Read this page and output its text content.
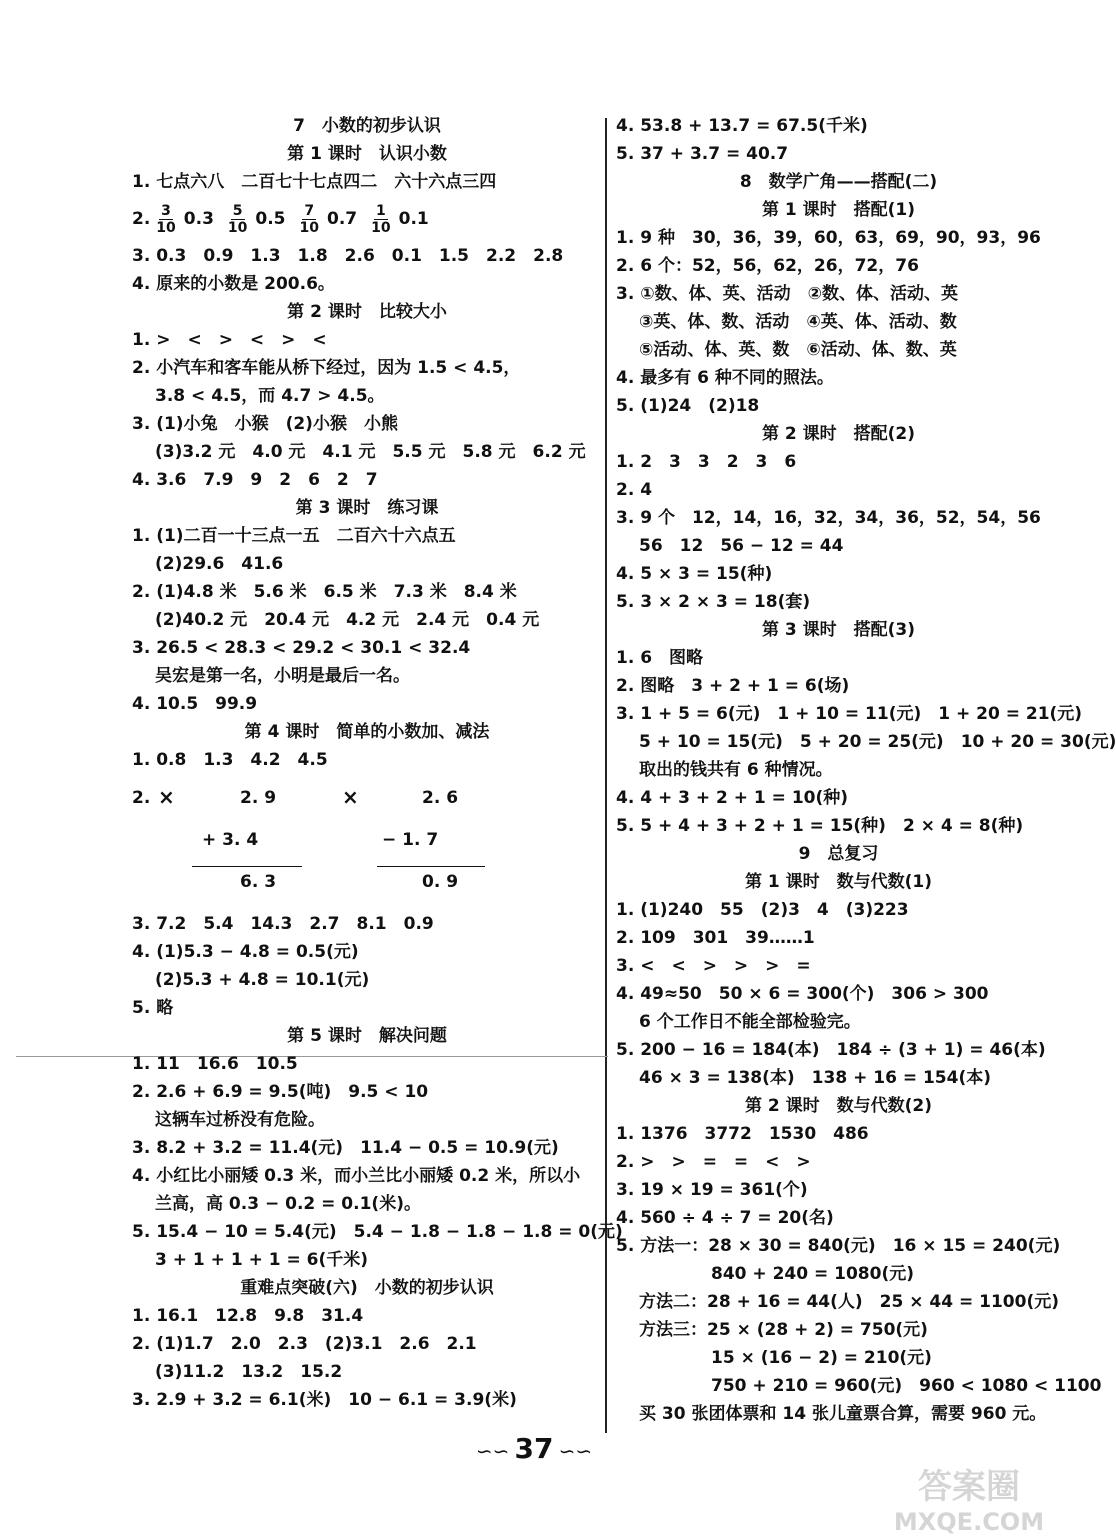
7　小数的初步认识
第 1 课时　认识小数
1. 七点六八　二百七十七点四二　六十六点三四
2. $\frac{3}{10} 0.3 \frac{5}{10} 0.5 \frac{7}{10} 0.7 \frac{1}{10} 0.1$
3. 0.3　0.9　1.3　1.8　2.6　0.1　1.5　2.2　2.8
4. 原来的小数是 200.6。
第 2 课时　比较大小
1. >　<　>　<　>　<
2. 小汽车和客车能从桥下经过，因为 1.5 < 4.5，
3.8 < 4.5，而 4.7 > 4.5。
3. (1)小兔　小猴　(2)小猴　小熊
(3)3.2 元　4.0 元　4.1 元　5.5 元　5.8 元　6.2 元
4. 3.6　7.9　9　2　6　2　7
第 3 课时　练习课
1. (1)二百一十三点一五　二百六十六点五
(2)29.6　41.6
2. (1)4.8 米　5.6 米　6.5 米　7.3 米　8.4 米
(2)40.2 元　20.4 元　4.2 元　2.4 元　0.4 元
3. 26.5 < 28.3 < 29.2 < 30.1 < 32.4
吴宏是第一名，小明是最后一名。
4. 10.5　99.9
第 4 课时　简单的小数加、减法
1. 0.8　1.3　4.2　4.5
2. ×	2. 9
+ 3. 4
6. 3
×	2. 6
− 1. 7
0. 9
3. 7.2　5.4　14.3　2.7　8.1　0.9
4. (1)5.3 − 4.8 = 0.5(元)
(2)5.3 + 4.8 = 10.1(元)
5. 略
第 5 课时　解决问题
1. 11　16.6　10.5
2. 2.6 + 6.9 = 9.5(吨)　9.5 < 10
这辆车过桥没有危险。
3. 8.2 + 3.2 = 11.4(元)　11.4 − 0.5 = 10.9(元)
4. 小红比小丽矮 0.3 米，而小兰比小丽矮 0.2 米，所以小
兰高，高 0.3 − 0.2 = 0.1(米)。
5. 15.4 − 10 = 5.4(元)　5.4 − 1.8 − 1.8 − 1.8 = 0(元)
3 + 1 + 1 + 1 = 6(千米)
重难点突破(六)　小数的初步认识
1. 16.1　12.8　9.8　31.4
2. (1)1.7　2.0　2.3　(2)3.1　2.6　2.1
(3)11.2　13.2　15.2
3. 2.9 + 3.2 = 6.1(米)　10 − 6.1 = 3.9(米)
4. 53.8 + 13.7 = 67.5(千米)
5. 37 + 3.7 = 40.7
8　数学广角——搭配(二)
第 1 课时　搭配(1)
1. 9 种　30，36，39，60，63，69，90，93，96
2. 6 个：52，56，62，26，72，76
3. ①数、体、英、活动　②数、体、活动、英
③英、体、数、活动　④英、体、活动、数
⑤活动、体、英、数　⑥活动、体、数、英
4. 最多有 6 种不同的照法。
5. (1)24　(2)18
第 2 课时　搭配(2)
1. 2　3　3　2　3　6
2. 4
3. 9 个　12，14，16，32，34，36，52，54，56
56　12　56 − 12 = 44
4. 5 × 3 = 15(种)
5. 3 × 2 × 3 = 18(套)
第 3 课时　搭配(3)
1. 6　图略
2. 图略　3 + 2 + 1 = 6(场)
3. 1 + 5 = 6(元)　1 + 10 = 11(元)　1 + 20 = 21(元)
5 + 10 = 15(元)　5 + 20 = 25(元)　10 + 20 = 30(元)
取出的钱共有 6 种情况。
4. 4 + 3 + 2 + 1 = 10(种)
5. 5 + 4 + 3 + 2 + 1 = 15(种)　2 × 4 = 8(种)
9　总复习
第 1 课时　数与代数(1)
1. (1)240　55　(2)3　4　(3)223
2. 109　301　39……1
3. <　<　>　>　>　=
4. 49≈50　50 × 6 = 300(个)　306 > 300
6 个工作日不能全部检验完。
5. 200 − 16 = 184(本)　184 ÷ (3 + 1) = 46(本)
46 × 3 = 138(本)　138 + 16 = 154(本)
第 2 课时　数与代数(2)
1. 1376　3772　1530　486
2. >　>　=　=　<　>
3. 19 × 19 = 361(个)
4. 560 ÷ 4 ÷ 7 = 20(名)
5. 方法一：28 × 30 = 840(元)　16 × 15 = 240(元)
840 + 240 = 1080(元)
方法二：28 + 16 = 44(人)　25 × 44 = 1100(元)
方法三：25 × (28 + 2) = 750(元)
15 × (16 − 2) = 210(元)
750 + 210 = 960(元)　960 < 1080 < 1100
买 30 张团体票和 14 张儿童票合算，需要 960 元。
∽∽ 37 ∽∽
答案圈
MXQE.COM
